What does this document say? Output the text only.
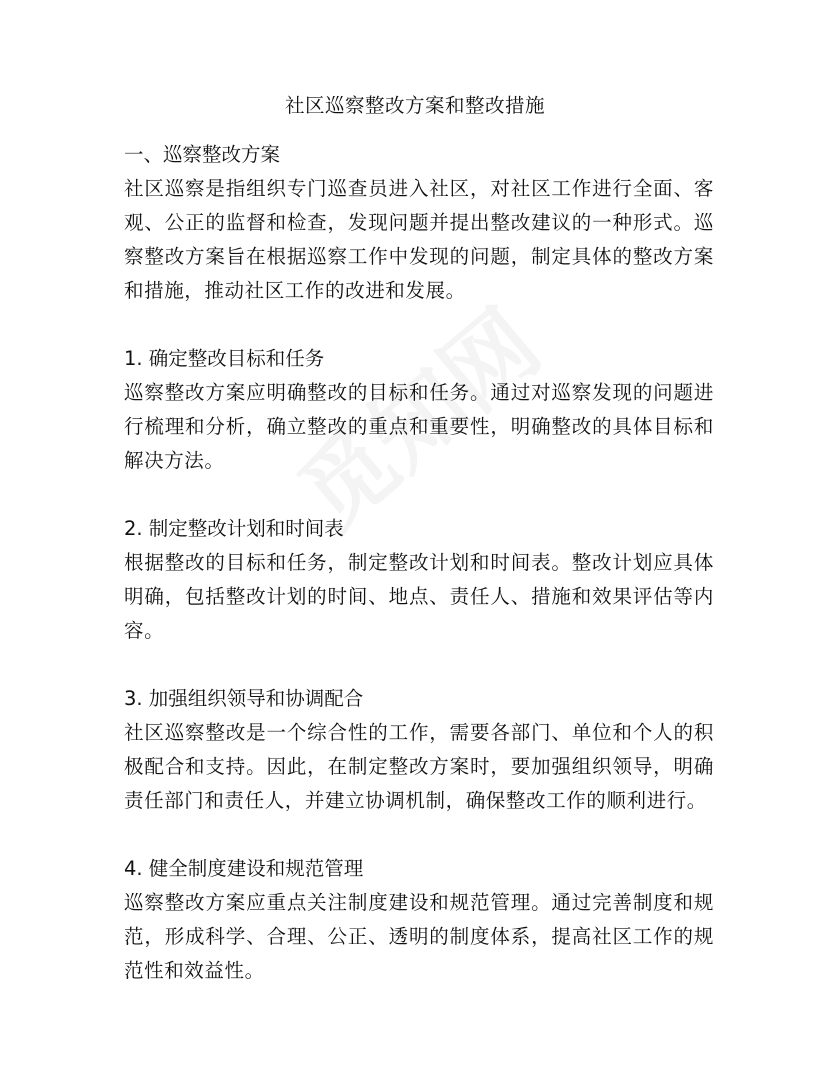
社区巡察整改方案和整改措施
一、巡察整改方案
社区巡察是指组织专门巡查员进入社区，对社区工作进行全面、客观、公正的监督和检查，发现问题并提出整改建议的一种形式。巡察整改方案旨在根据巡察工作中发现的问题，制定具体的整改方案和措施，推动社区工作的改进和发展。
1. 确定整改目标和任务
巡察整改方案应明确整改的目标和任务。通过对巡察发现的问题进行梳理和分析，确立整改的重点和重要性，明确整改的具体目标和解决方法。
2. 制定整改计划和时间表
根据整改的目标和任务，制定整改计划和时间表。整改计划应具体明确，包括整改计划的时间、地点、责任人、措施和效果评估等内容。
3. 加强组织领导和协调配合
社区巡察整改是一个综合性的工作，需要各部门、单位和个人的积极配合和支持。因此，在制定整改方案时，要加强组织领导，明确责任部门和责任人，并建立协调机制，确保整改工作的顺利进行。
4. 健全制度建设和规范管理
巡察整改方案应重点关注制度建设和规范管理。通过完善制度和规范，形成科学、合理、公正、透明的制度体系，提高社区工作的规范性和效益性。
